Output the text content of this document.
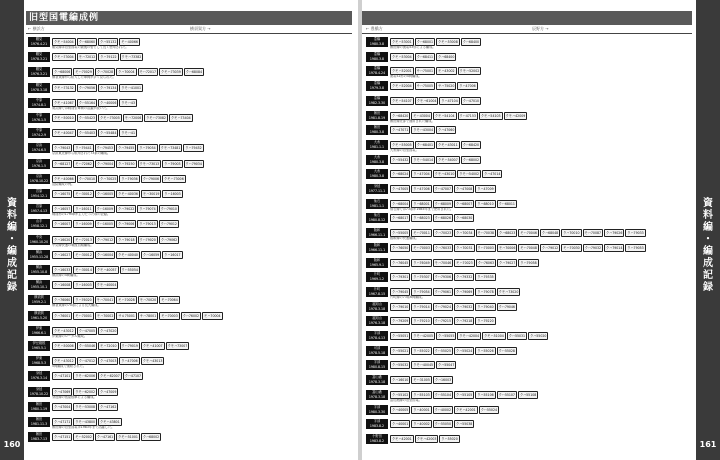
資
料
編
・
編
成
記
録
160
旧型国電編成例
← 横浜方	横須賀方 →
鶴見
1976.4.21	クモハ54004 クハ68060 クハ55132 モハ40066
鶴見線は旧型国電の最後の砦として長く使用された。
鶴見
1978.3.21	クモハ73004 モハ72012 クハ79122 クモハ73382
鶴見
1976.3.21	クハ68006 モハ70029 クハ70028 クハ70004 モハ72017 クモハ73039 クハ68084
横須賀線から転入した車両が多く見られた。
鶴見
1978.3.18	クモハ73132 クハ79056 クハ79134 クモハ41001
中原
1974.8.1	クモハ41067 クハ55164 クハ40006 クモハ43
南武線では戦前型車両の活躍が続いた。
中原
1976.1.5	クモハ50010 クハ55423 クモハ73005 モハ72006 クモハ73082 クモハ73404
中原
1974.2.9	クモハ40047 クハ55403 クハ55484 クモハ41
京浜
1974.6.5	クハ79043 クハ79441 クハ79453 クハ79455 クハ79054 クモハ73481 クハ79452
京浜東北線から転用された73系の編成。
京浜
1976.1.5	クハ68127 モハ72062 クハ79004 クハ79250 クモハ73013 クハ79003 クハ79034
京浜
1978.10.22	クモハ40066 クハ70010 クハ70025 クハ79036 クハ79006 クモハ73006
混結編成の例。
宮原
1954.12.1	クハ16075 モハ30012 クハ16005 クモハ40036 モハ30019 クハ16003
宮原
1957.4.13	クハ16057 クハ16011 クハ16009 クハ79022 クハ79074 クハ79010
戦前形の17m車が主力だった頃の記録。
山手
1958.12.1	クハ16007 クハ16009 クハ16005 クハ79006 クハ79013 クハ79012
中央
1960.10.20	クハ16020 モハ72013 クハ79012 クハ79018 クハ79020 クハ79062
中央線快速の戦後初期編成。
横浜
1955.11.28	クハ16027 モハ30012 クハ16004 クモハ40040 クハ16059 クハ16017
横浜
1955.10.8	クハ16033 モハ30014 クモハ40057 クハ55054
横浜線の4両編成。
横浜
1955.10.1	クハ16008 クハ16003 クモハ40004
横須賀
1959.2.1	クハ76060 クハ76020 モハ70041 モハ70028 モハ70020 モハ70064
横須賀線の70系による長大編成。
横須賀
1961.5.20	クハ76001 モハ70001 モハ70002 サロ75001 サハ78001 モハ70003 クハ76002 モハ70004
伊東
1966.6.1	クモハ43012 クハ47005 クハ47020
伊東線のローカル編成。
伊豆箱根
1965.5.1	クモハ50006 クハ55046 モハ72010 クハ79019 クモハ41007 クモハ73007
伊東
1968.5.3	クモハ43012 クハ47012 クハ47003 クハ47006 クモハ43013
5両編成で運転された。
身延
1976.3.14	クハ47101 クモハ62006 クモハ62007 クハ47107
身延
1978.10.22	クハ47069 クモハ62002 クハ47009
身延線の低屋根車による編成。
飯田
1980.1.19	クハ47004 クモハ53008 クハ47162
飯田
1981.11.3	クハ47171 クモハ43800 クモハ43801
飯田線の旧型国電は1983年まで活躍した。
飯田
1983.7.13	クハ47151 モハ52002 クハ47161 クモハ51001 クハ68002
資
料
編
・
編
成
記
録
161
← 豊橋方	辰野方 →
豊橋
1980.3.8	クモハ53001 クハ68001 クモハ53008 クハ68400
飯田線の流電53形による編成。
豊橋
1980.3.8	クモハ53004 クハ68411 クハ68400
豊橋
1978.4.24	クモハ52001 サハ75001 モハ43002 クモハ52002
流電52形の4両編成。
豊橋
1979.3.8	クモハ52004 サハ75005 サハ75020 クハ47006
豊橋
1982.3.30	クモハ54107 クモハ61004 クハ47104 クハ47010
飯田
1981.8.19	クハ68420 モハ43004 クモハ54104 クハ47153 クモハ54103 クモハ42009
飯田線北部で運用された編成。
飯田
1980.3.8	クハ47071 クモハ43004 クハ47060
大糸
1981.1.1	クモハ55005 クハ68401 クモハ43011 クハ68420
大糸線の旧型国電。
大糸
1980.3.8	クハ55432 クモハ54014 クモハ54007 クハ68002
大糸
1980.3.8	クハ68024 クハ47004 クモハ43010 クモハ54002 クハ47014
身延
1977.11.1	クハ47005 クハ47006 クハ47007 クハ47008 クハ47009
仙石
1981.1.1	クハ68004 クハ68001 クハ68009 クハ68007 クハ68010 クハ68011
仙石線では73系が1985年まで使用された。
仙石
1980.8.12	クハ68017 クハ68023 クハ68026 クハ68030
阪和
1966.11.1	クハ55005 モハ70011 クハ70023 クハ70034 モハ70038 クハ68023 モハ70046 クハ68048 クハ70010 モハ70087 クハ79026 クハ79033
阪和線の快速編成。
阪和
1966.11.1	クハ76050 モハ70003 クハ76033 クハ70031 クハ70003 モハ70006 モハ70048 クハ79012 モハ70030 クハ79032 クハ79014 クハ79053
阪和
1965.9.1	クハ76045 クハ76049 モハ70046 モハ70023 クハ76063 クハ79027 クハ79058
片町
1969.1.2	クハ79301 クハ79307 クハ79306 クハ79332 クハ79335
片町
1967.8.15	クハ79045 クハ79054 クハ79061 クハ79069 クハ79078 クモハ73020
片町線の73系6両編成。
福知山
1978.3.18	クハ79010 クハ79014 クハ79024 クハ79032 クハ79040 クハ79046
福知山
1976.3.18	クハ79209 クハ79210 クハ79215 クハ79218 クハ79220
宇部
1978.4.13	クハ55051 クモハ42005 クハ55055 クモハ42004 クモハ51004 クハ55031 クハ55020
可部
1978.5.18	クハ55021 クハ55022 クハ55025 クハ55024 クハ55026 クハ55028
宇部
1980.8.15	クハ55032 クモハ40045 クハ55047
富山港
1978.3.18	クハ16010 モハ31005 クハ16003
富山港
1978.3.18	クハ55102 クハ55103 クハ55104 クハ55105 クハ55106 クハ55107 クハ55108
富山港線の旧型国電。
宇部
1980.3.30	クハ40005 クハ40001 クハ40002 クモハ42001 クハ55024
宇部
1983.8.2	クハ40001 クハ40002 クハ55050 クハ55038
小野田
1983.8.2	クモハ42001 クモハ42003 クハ55020
